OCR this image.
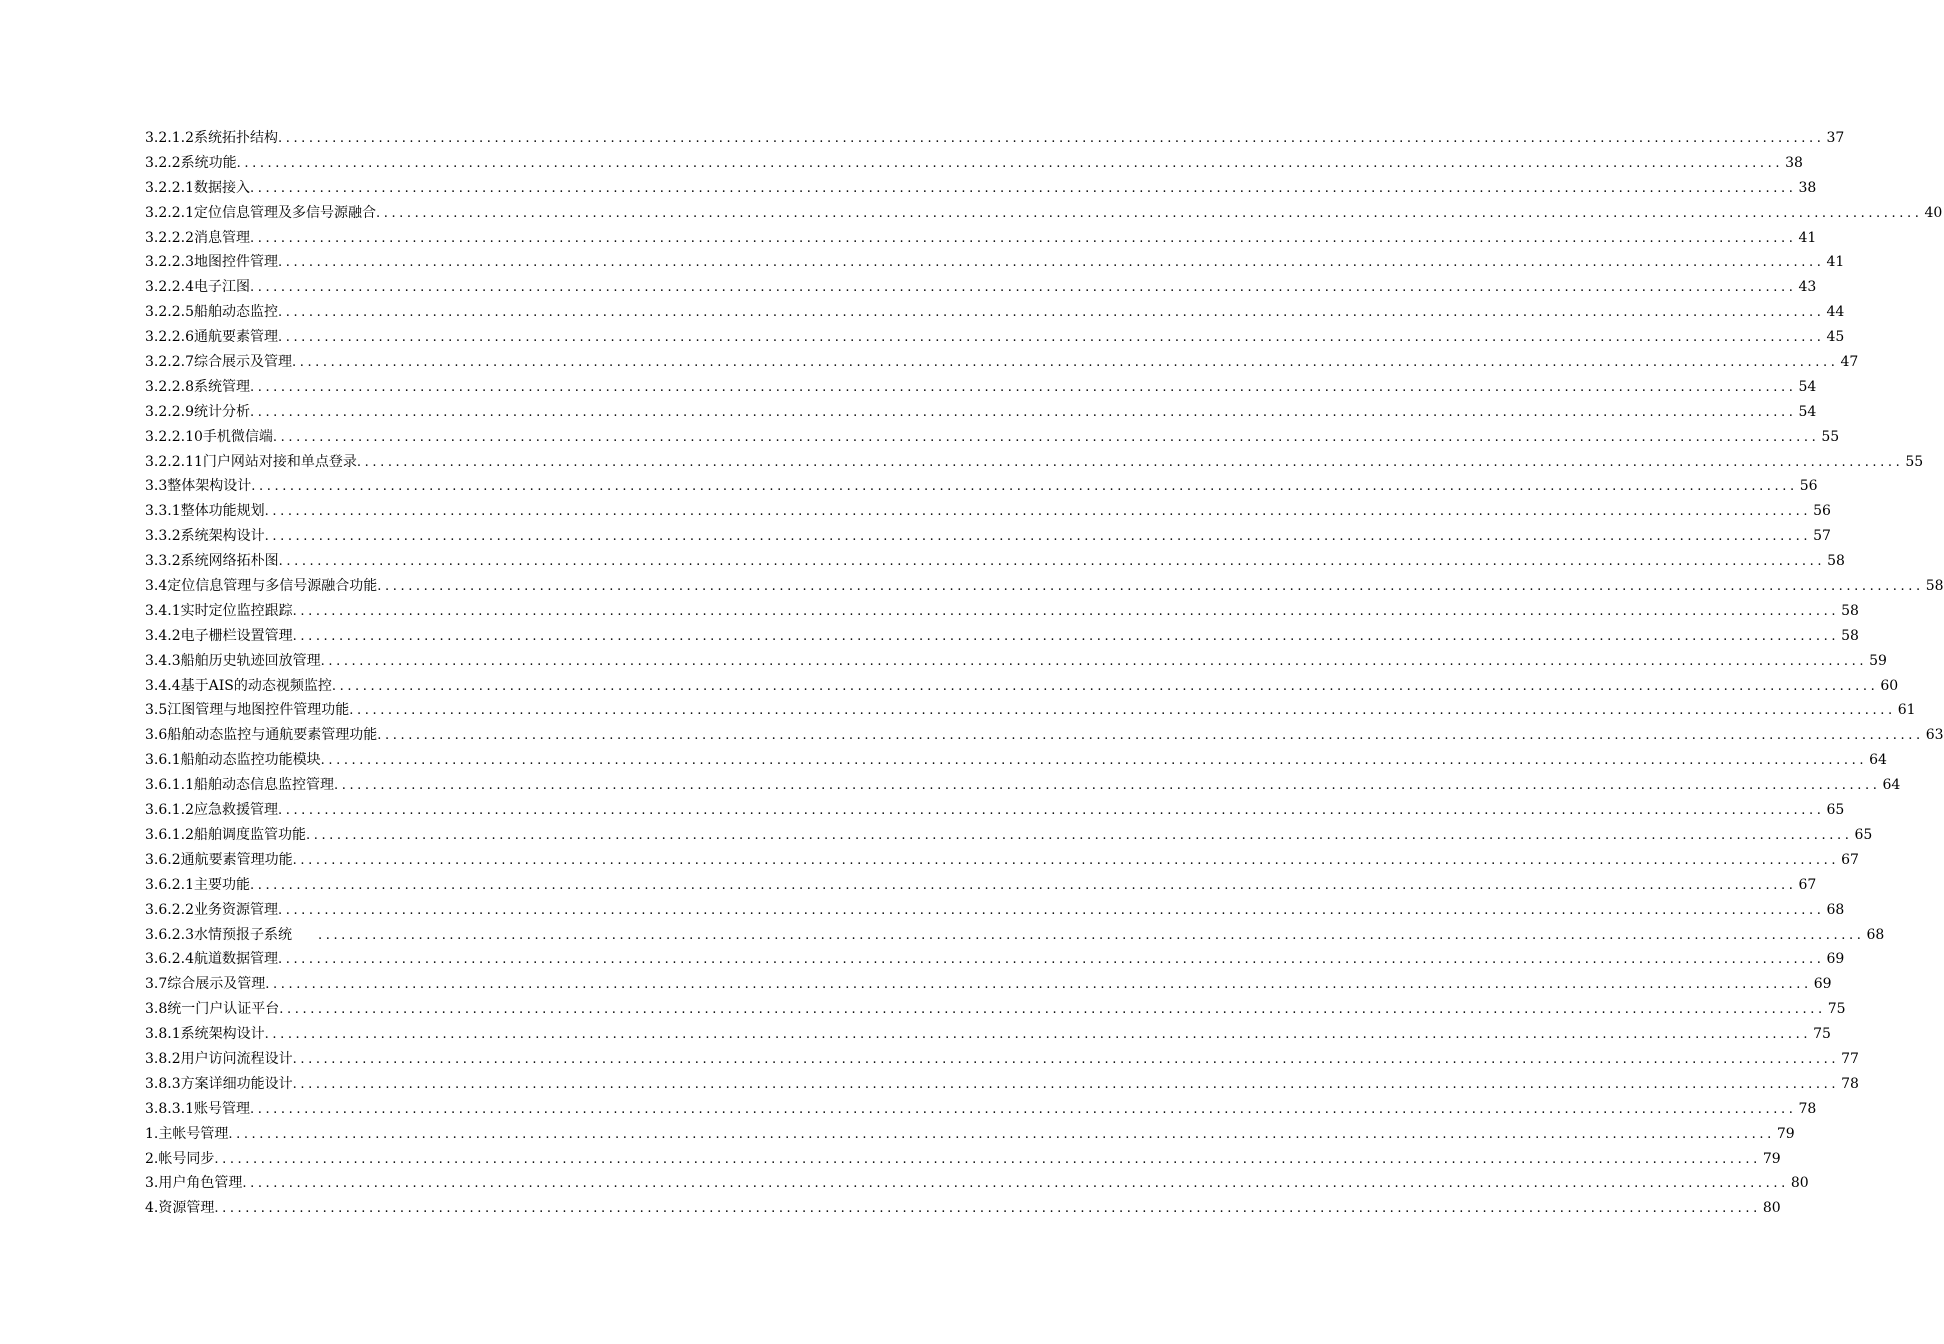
3.2.1.2系统拓扑结构 ........................................................................................................................................................................................................ 37
3.2.2系统功能 ........................................................................................................................................................................................................ 38
3.2.2.1数据接入 ........................................................................................................................................................................................................ 38
3.2.2.1定位信息管理及多信号源融合 ........................................................................................................................................................................................................ 40
3.2.2.2消息管理 ........................................................................................................................................................................................................ 41
3.2.2.3地图控件管理 ........................................................................................................................................................................................................ 41
3.2.2.4电子江图 ........................................................................................................................................................................................................ 43
3.2.2.5船舶动态监控 ........................................................................................................................................................................................................ 44
3.2.2.6通航要素管理 ........................................................................................................................................................................................................ 45
3.2.2.7综合展示及管理 ........................................................................................................................................................................................................ 47
3.2.2.8系统管理 ........................................................................................................................................................................................................ 54
3.2.2.9统计分析 ........................................................................................................................................................................................................ 54
3.2.2.10手机微信端 ........................................................................................................................................................................................................ 55
3.2.2.11门户网站对接和单点登录 ........................................................................................................................................................................................................ 55
3.3整体架构设计 ........................................................................................................................................................................................................ 56
3.3.1整体功能规划 ........................................................................................................................................................................................................ 56
3.3.2系统架构设计 ........................................................................................................................................................................................................ 57
3.3.2系统网络拓朴图 ........................................................................................................................................................................................................ 58
3.4定位信息管理与多信号源融合功能 ........................................................................................................................................................................................................ 58
3.4.1实时定位监控跟踪 ........................................................................................................................................................................................................ 58
3.4.2电子栅栏设置管理 ........................................................................................................................................................................................................ 58
3.4.3船舶历史轨迹回放管理 ........................................................................................................................................................................................................ 59
3.4.4基于AIS的动态视频监控 ........................................................................................................................................................................................................ 60
3.5江图管理与地图控件管理功能 ........................................................................................................................................................................................................ 61
3.6船舶动态监控与通航要素管理功能 ........................................................................................................................................................................................................ 63
3.6.1船舶动态监控功能模块 ........................................................................................................................................................................................................ 64
3.6.1.1船舶动态信息监控管理 ........................................................................................................................................................................................................ 64
3.6.1.2应急救援管理 ........................................................................................................................................................................................................ 65
3.6.1.2船舶调度监管功能 ........................................................................................................................................................................................................ 65
3.6.2通航要素管理功能 ........................................................................................................................................................................................................ 67
3.6.2.1主要功能 ........................................................................................................................................................................................................ 67
3.6.2.2业务资源管理 ........................................................................................................................................................................................................ 68
3.6.2.3水情预报子系统	........................................................................................................................................................................................................ 68
3.6.2.4航道数据管理 ........................................................................................................................................................................................................ 69
3.7综合展示及管理 ........................................................................................................................................................................................................ 69
3.8统一门户认证平台 ........................................................................................................................................................................................................ 75
3.8.1系统架构设计 ........................................................................................................................................................................................................ 75
3.8.2用户访问流程设计 ........................................................................................................................................................................................................ 77
3.8.3方案详细功能设计 ........................................................................................................................................................................................................ 78
3.8.3.1账号管理 ........................................................................................................................................................................................................ 78
1.主帐号管理 ........................................................................................................................................................................................................ 79
2.帐号同步 ........................................................................................................................................................................................................ 79
3.用户角色管理 ........................................................................................................................................................................................................ 80
4.资源管理 ........................................................................................................................................................................................................ 80
